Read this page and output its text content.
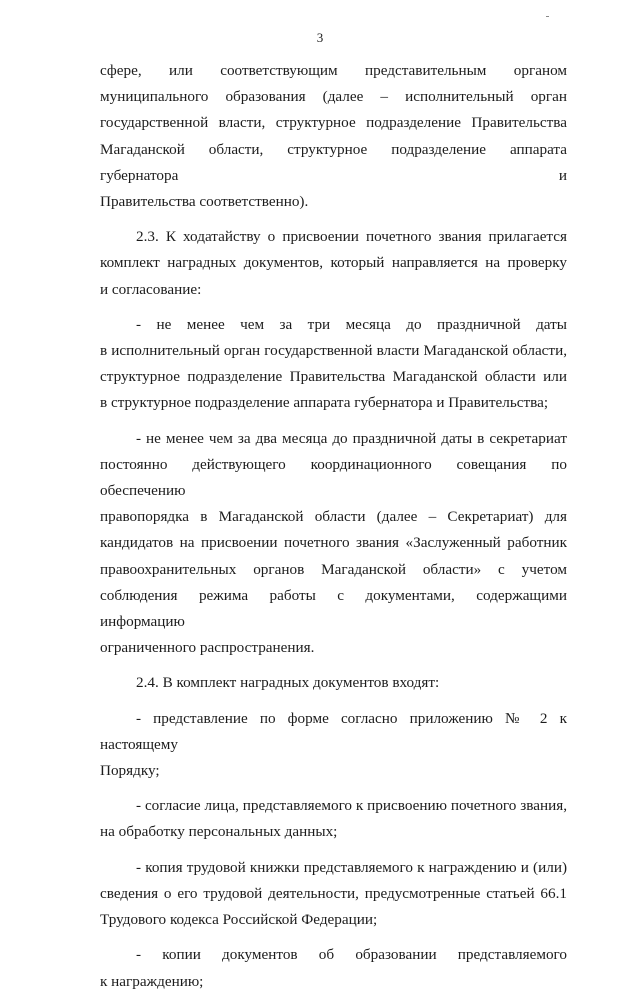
3
сфере, или соответствующим представительным органом
муниципального образования (далее – исполнительный орган
государственной власти, структурное подразделение Правительства
Магаданской области, структурное подразделение аппарата губернатора и
Правительства соответственно).
2.3. К ходатайству о присвоении почетного звания прилагается
комплект наградных документов, который направляется на проверку
и согласование:
- не менее чем за три месяца до праздничной даты
в исполнительный орган государственной власти Магаданской области,
структурное подразделение Правительства Магаданской области или
в структурное подразделение аппарата губернатора и Правительства;
- не менее чем за два месяца до праздничной даты в секретариат
постоянно действующего координационного совещания по обеспечению
правопорядка в Магаданской области (далее – Секретариат) для
кандидатов на присвоении почетного звания «Заслуженный работник
правоохранительных органов Магаданской области» с учетом
соблюдения режима работы с документами, содержащими информацию
ограниченного распространения.
2.4. В комплект наградных документов входят:
- представление по форме согласно приложению № 2 к настоящему
Порядку;
- согласие лица, представляемого к присвоению почетного звания,
на обработку персональных данных;
- копия трудовой книжки представляемого к награждению и (или)
сведения о его трудовой деятельности, предусмотренные статьей 66.1
Трудового кодекса Российской Федерации;
- копии документов об образовании представляемого
к награждению;
